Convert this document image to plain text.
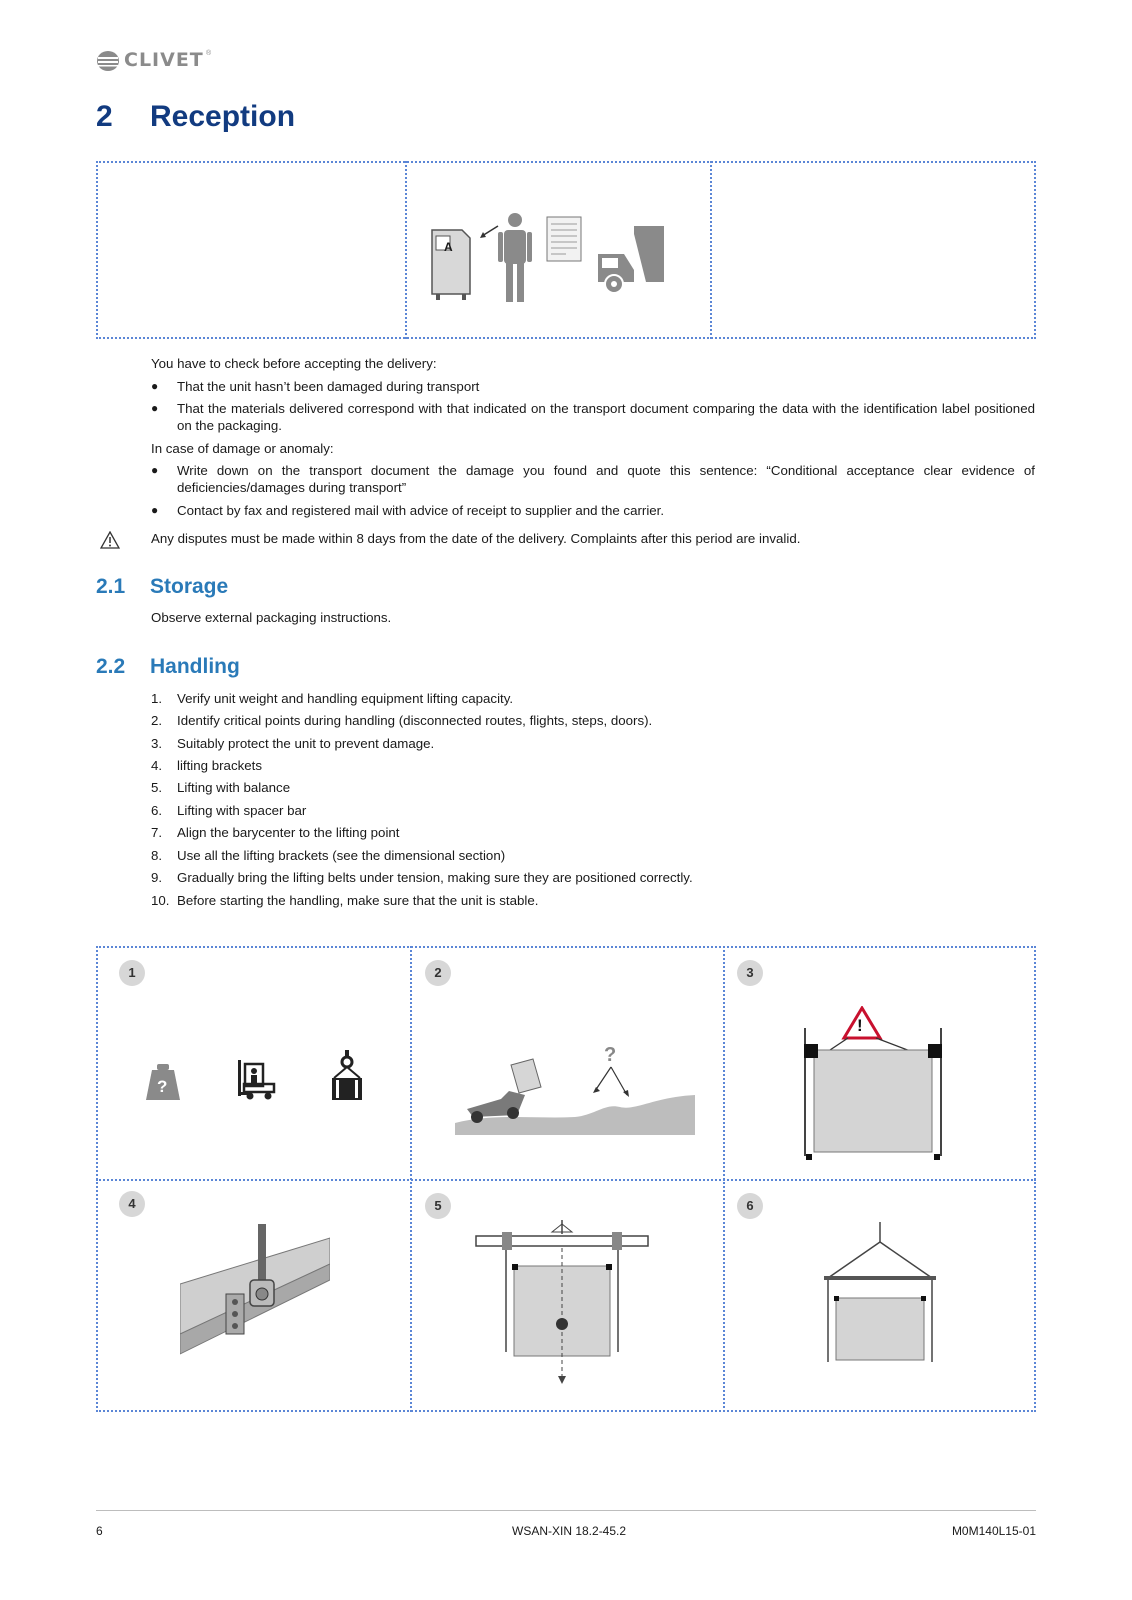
CLIVET ®
2 Reception
A
You have to check before accepting the delivery:
● That the unit hasn’t been damaged during transport
● That the materials delivered correspond with that indicated on the transport document comparing the data with the identification label positioned on the packaging.
In case of damage or anomaly:
● Write down on the transport document the damage you found and quote this sentence: “Conditional acceptance clear evidence of deficiencies/damages during transport”
● Contact by fax and registered mail with advice of receipt to supplier and the carrier.
Any disputes must be made within 8 days from the date of the delivery. Complaints after this period are invalid.
2.1 Storage
Observe external packaging instructions.
2.2 Handling
1.	Verify unit weight and handling equipment lifting capacity.
2.	Identify critical points during handling (disconnected routes, flights, steps, doors).
3.	Suitably protect the unit to prevent damage.
4.	lifting brackets
5.	Lifting with balance
6.	Lifting with spacer bar
7.	Align the barycenter to the lifting point
8.	Use all the lifting brackets (see the dimensional section)
9.	Gradually bring the lifting belts under tension, making sure they are positioned correctly.
10. Before starting the handling, make sure that the unit is stable.
1	2	3
4	5	6
?
?
!
6	WSAN-XIN 18.2-45.2	M0M140L15-01
